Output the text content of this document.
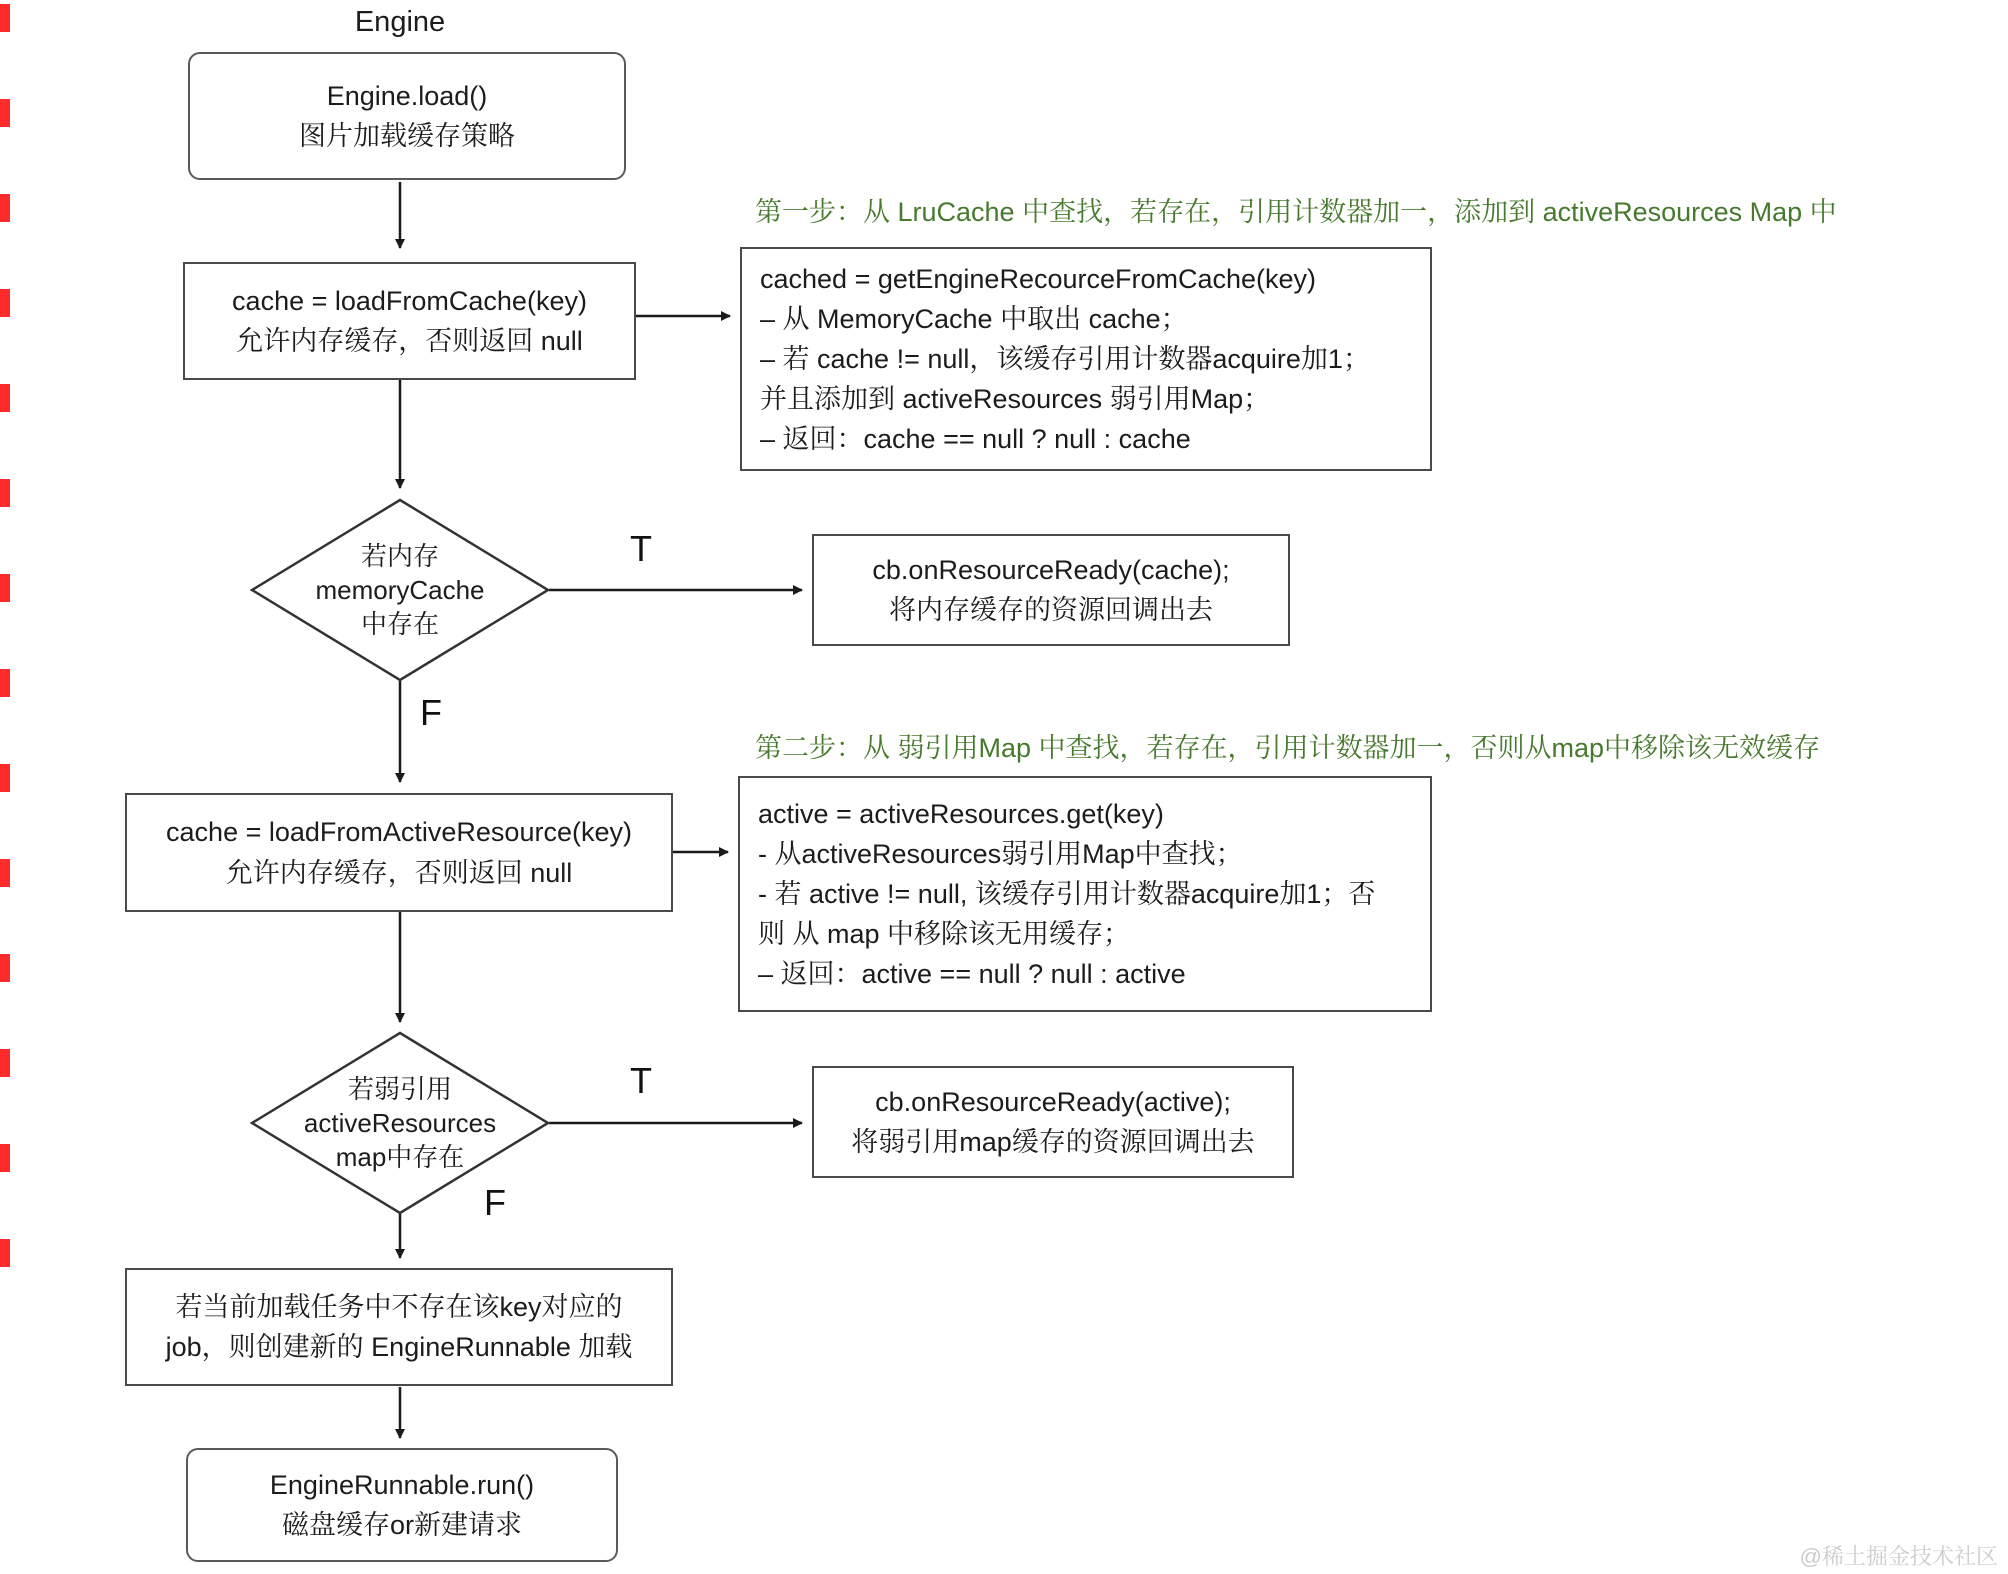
Engine
Engine.load()
图片加载缓存策略
cache = loadFromCache(key)
允许内存缓存，否则返回 null
第一步：从 LruCache 中查找，若存在，引用计数器加一，添加到 activeResources Map 中
cached = getEngineRecourceFromCache(key)
– 从 MemoryCache 中取出 cache；
– 若 cache != null，该缓存引用计数器acquire加1；
并且添加到 activeResources 弱引用Map；
– 返回：cache == null ? null : cache
若内存
memoryCache
中存在
T
F
cb.onResourceReady(cache);
将内存缓存的资源回调出去
第二步：从 弱引用Map 中查找，若存在，引用计数器加一，否则从map中移除该无效缓存
cache = loadFromActiveResource(key)
允许内存缓存，否则返回 null
active = activeResources.get(key)
- 从activeResources弱引用Map中查找；
- 若 active != null, 该缓存引用计数器acquire加1；否
则 从 map 中移除该无用缓存；
– 返回：active == null ? null : active
若弱引用
activeResources
map中存在
T
F
cb.onResourceReady(active);
将弱引用map缓存的资源回调出去
若当前加载任务中不存在该key对应的
job，则创建新的 EngineRunnable 加载
EngineRunnable.run()
磁盘缓存or新建请求
@稀土掘金技术社区
